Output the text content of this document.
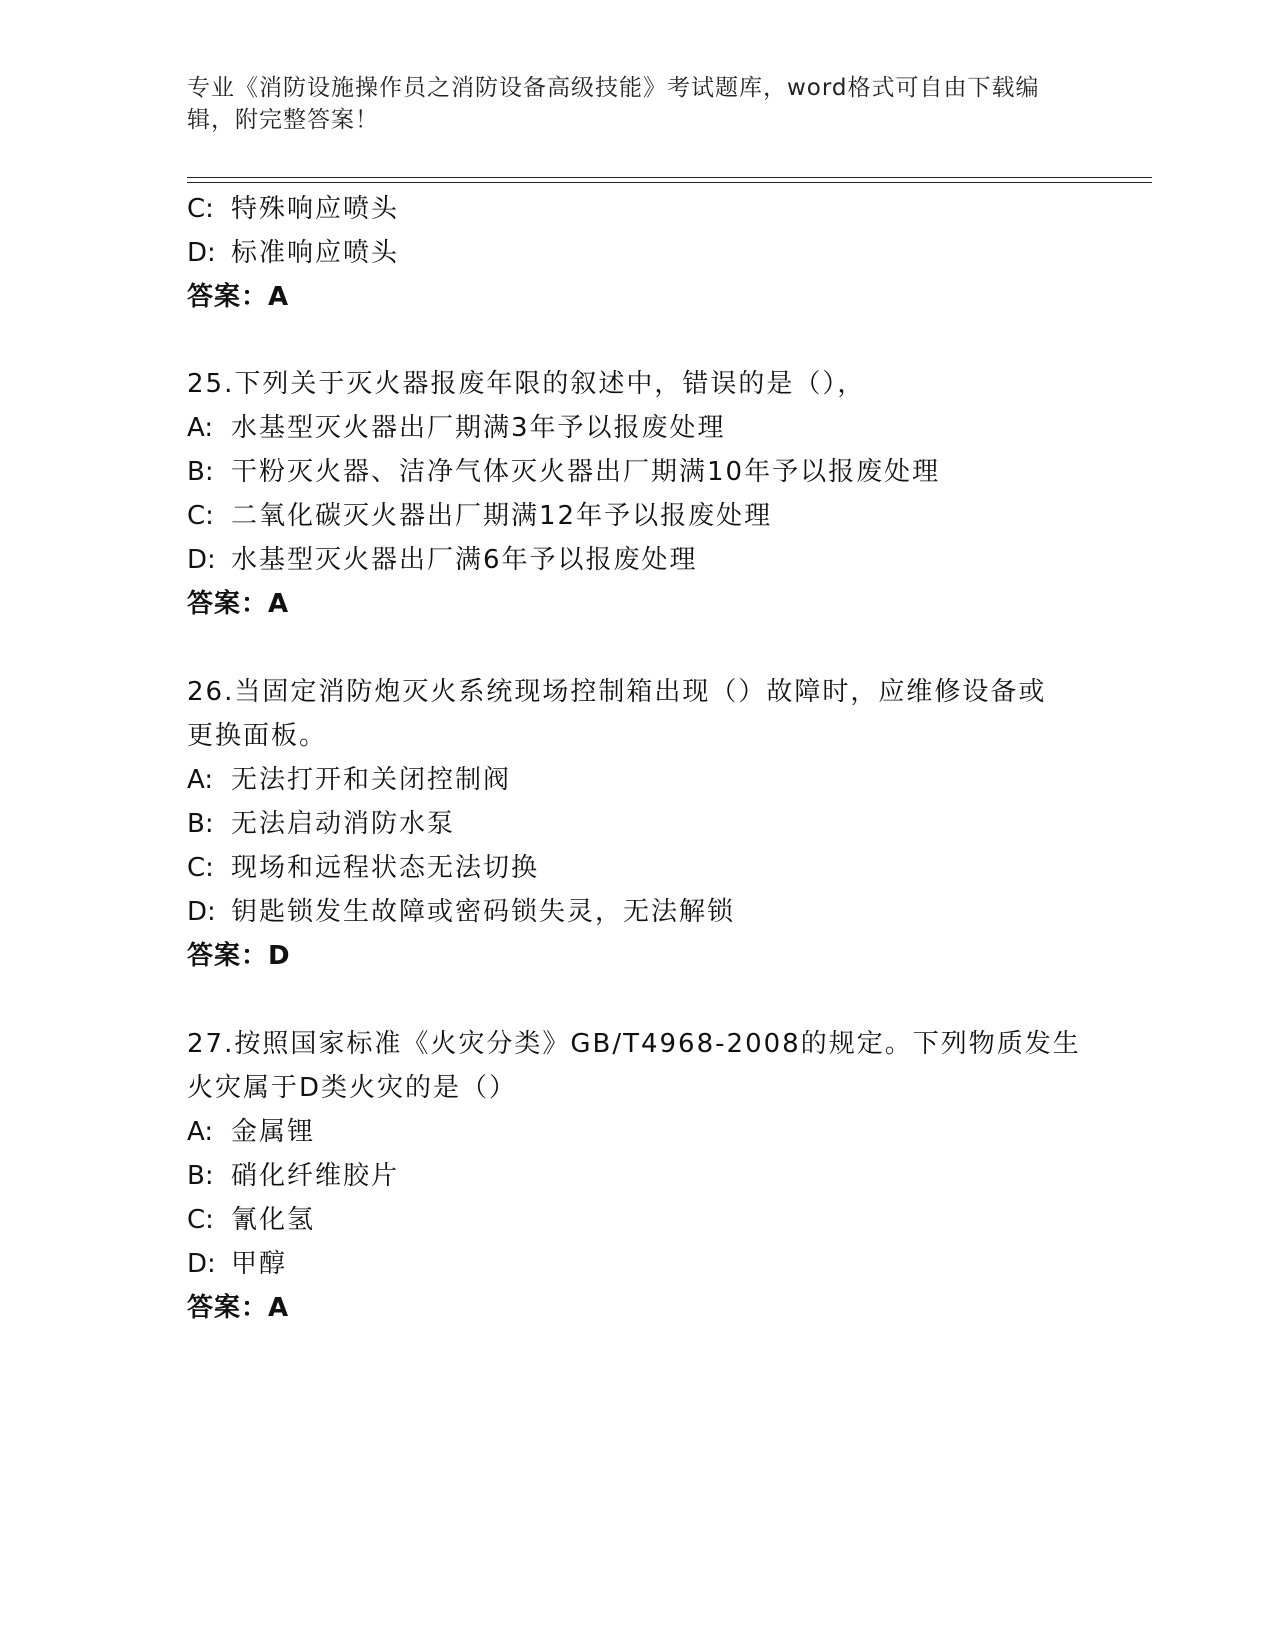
专业《消防设施操作员之消防设备高级技能》考试题库，word格式可自由下载编辑，附完整答案！
C: 特殊响应喷头
D: 标准响应喷头
答案：A
25.下列关于灭火器报废年限的叙述中，错误的是（），
A: 水基型灭火器出厂期满3年予以报废处理
B: 干粉灭火器、洁净气体灭火器出厂期满10年予以报废处理
C: 二氧化碳灭火器出厂期满12年予以报废处理
D: 水基型灭火器出厂满6年予以报废处理
答案：A
26.当固定消防炮灭火系统现场控制箱出现（）故障时，应维修设备或
更换面板。
A: 无法打开和关闭控制阀
B: 无法启动消防水泵
C: 现场和远程状态无法切换
D: 钥匙锁发生故障或密码锁失灵，无法解锁
答案：D
27.按照国家标准《火灾分类》GB/T4968-2008的规定。下列物质发生
火灾属于D类火灾的是（）
A: 金属锂
B: 硝化纤维胶片
C: 氰化氢
D: 甲醇
答案：A
